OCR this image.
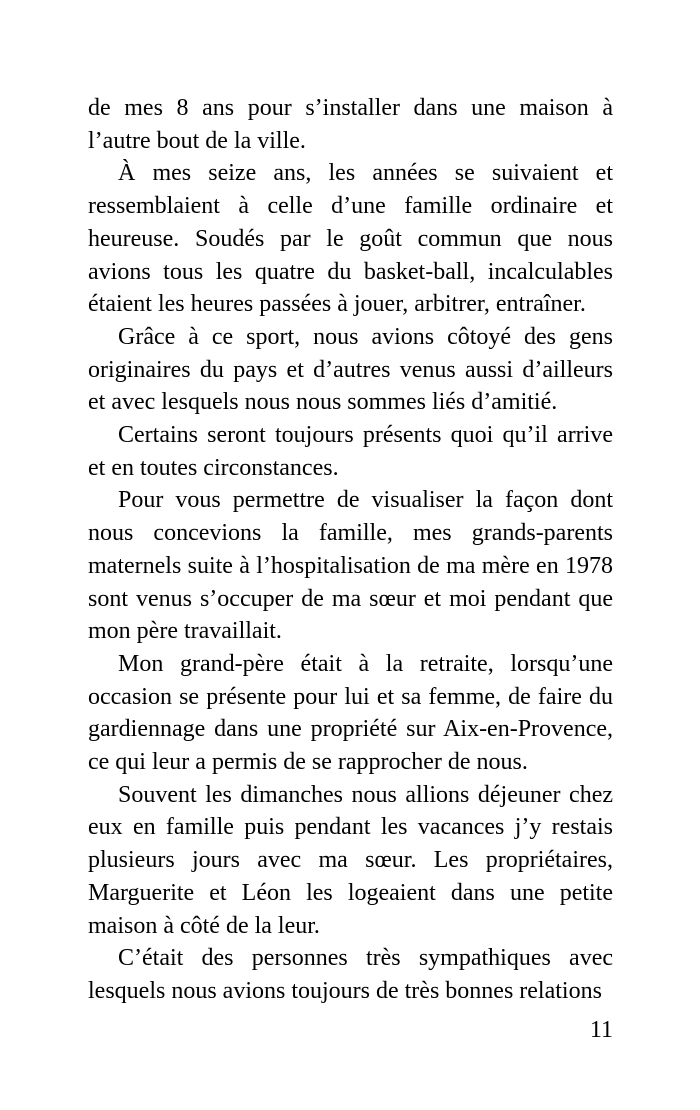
de mes 8 ans pour s’installer dans une maison à l’autre bout de la ville.

À mes seize ans, les années se suivaient et ressemblaient à celle d’une famille ordinaire et heureuse. Soudés par le goût commun que nous avions tous les quatre du basket-ball, incalculables étaient les heures passées à jouer, arbitrer, entraîner.

Grâce à ce sport, nous avions côtoyé des gens originaires du pays et d’autres venus aussi d’ailleurs et avec lesquels nous nous sommes liés d’amitié.

Certains seront toujours présents quoi qu’il arrive et en toutes circonstances.

Pour vous permettre de visualiser la façon dont nous concevions la famille, mes grands-parents maternels suite à l’hospitalisation de ma mère en 1978 sont venus s’occuper de ma sœur et moi pendant que mon père travaillait.

Mon grand-père était à la retraite, lorsqu’une occasion se présente pour lui et sa femme, de faire du gardiennage dans une propriété sur Aix-en-Provence, ce qui leur a permis de se rapprocher de nous.

Souvent les dimanches nous allions déjeuner chez eux en famille puis pendant les vacances j’y restais plusieurs jours avec ma sœur. Les propriétaires, Marguerite et Léon les logeaient dans une petite maison à côté de la leur.

C’était des personnes très sympathiques avec lesquels nous avions toujours de très bonnes relations

11
